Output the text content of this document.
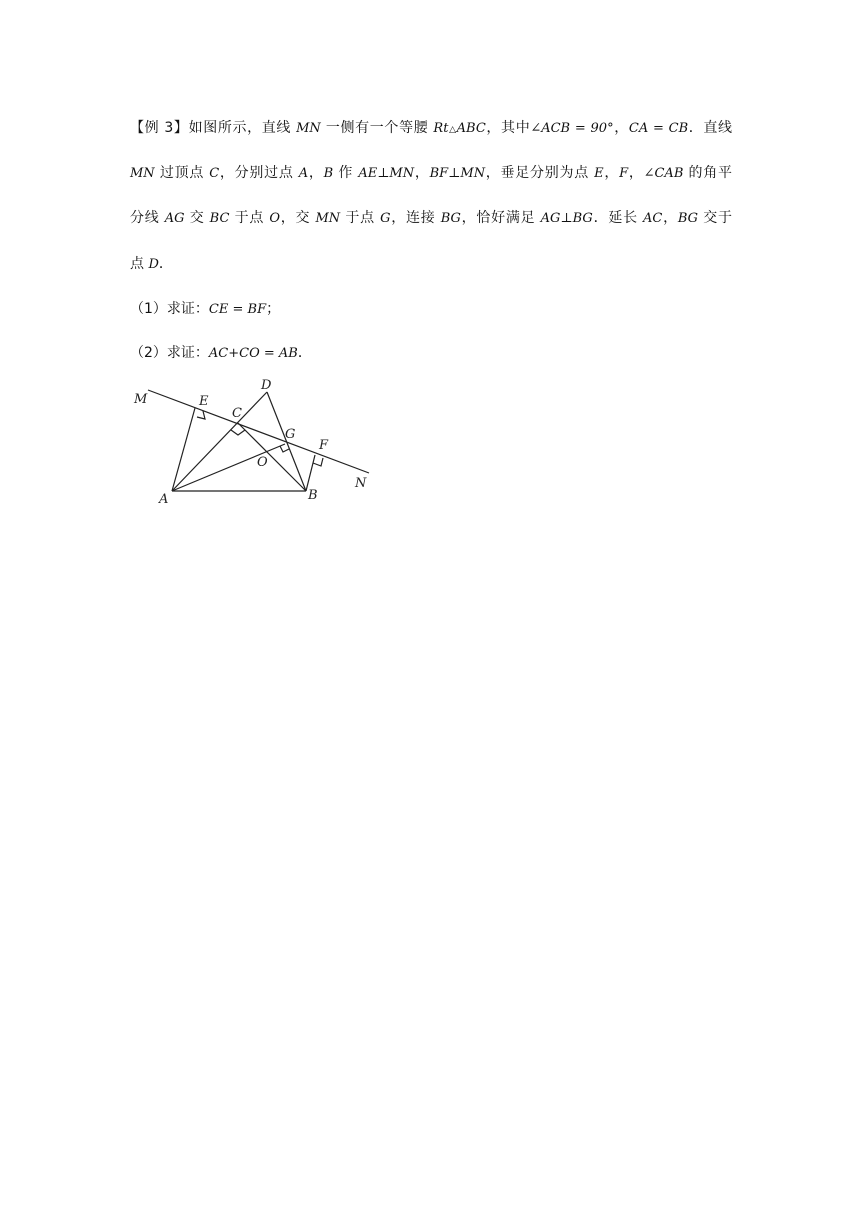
【例 3】如图所示，直线 MN 一侧有一个等腰 Rt△ABC，其中∠ACB = 90°，CA = CB．直线
MN 过顶点 C，分别过点 A，B 作 AE⊥MN，BF⊥MN，垂足分别为点 E，F，∠CAB 的角平
分线 AG 交 BC 于点 O，交 MN 于点 G，连接 BG，恰好满足 AG⊥BG．延长 AC，BG 交于
点 D．
（1）求证：CE = BF；
（2）求证：AC+CO = AB．
M	E
D
C
G
F
O
A	B
N
